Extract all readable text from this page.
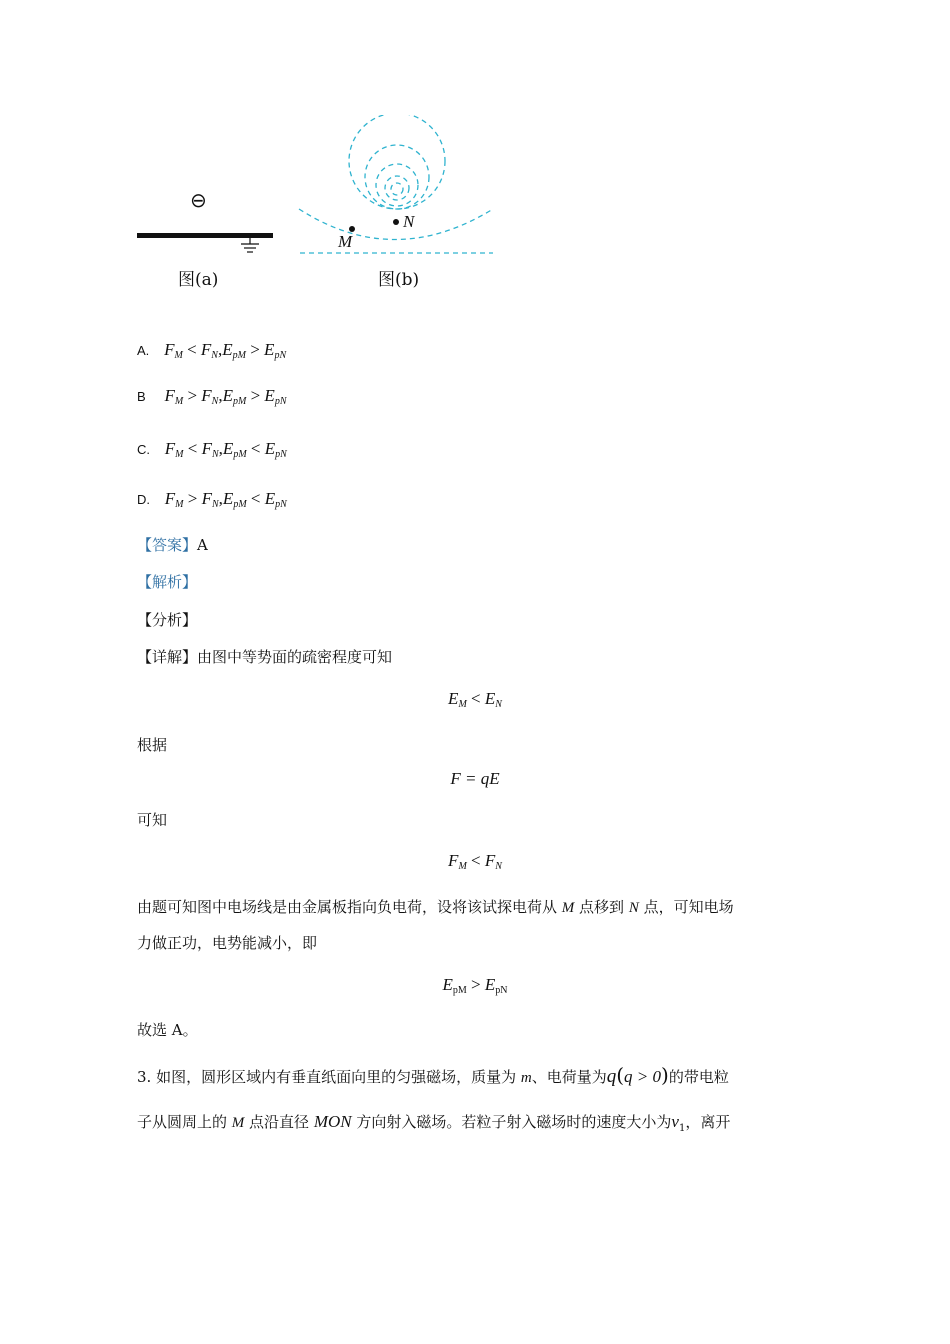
⊖
图(a)
M
N
图(b)
A. $F_M < F_N,E_{pM} > E_{pN}$
B $F_M > F_N,E_{pM} > E_{pN}$
C. $F_M < F_N,E_{pM} < E_{pN}$
D. $F_M > F_N,E_{pM} < E_{pN}$
【答案】A
【解析】
【分析】
【详解】由图中等势面的疏密程度可知
$E_M < E_N$
根据
F = qE
可知
$F_M < F_N$
由题可知图中电场线是由金属板指向负电荷，设将该试探电荷从 M 点移到 N 点，可知电场
力做正功，电势能减小，即
$E_{pM} > E_{pN}$
故选 A。
3. 如图，圆形区域内有垂直纸面向里的匀强磁场，质量为 m、电荷量为q(q > 0)的带电粒
子从圆周上的 M 点沿直径 MON 方向射入磁场。若粒子射入磁场时的速度大小为$v_1$，离开
